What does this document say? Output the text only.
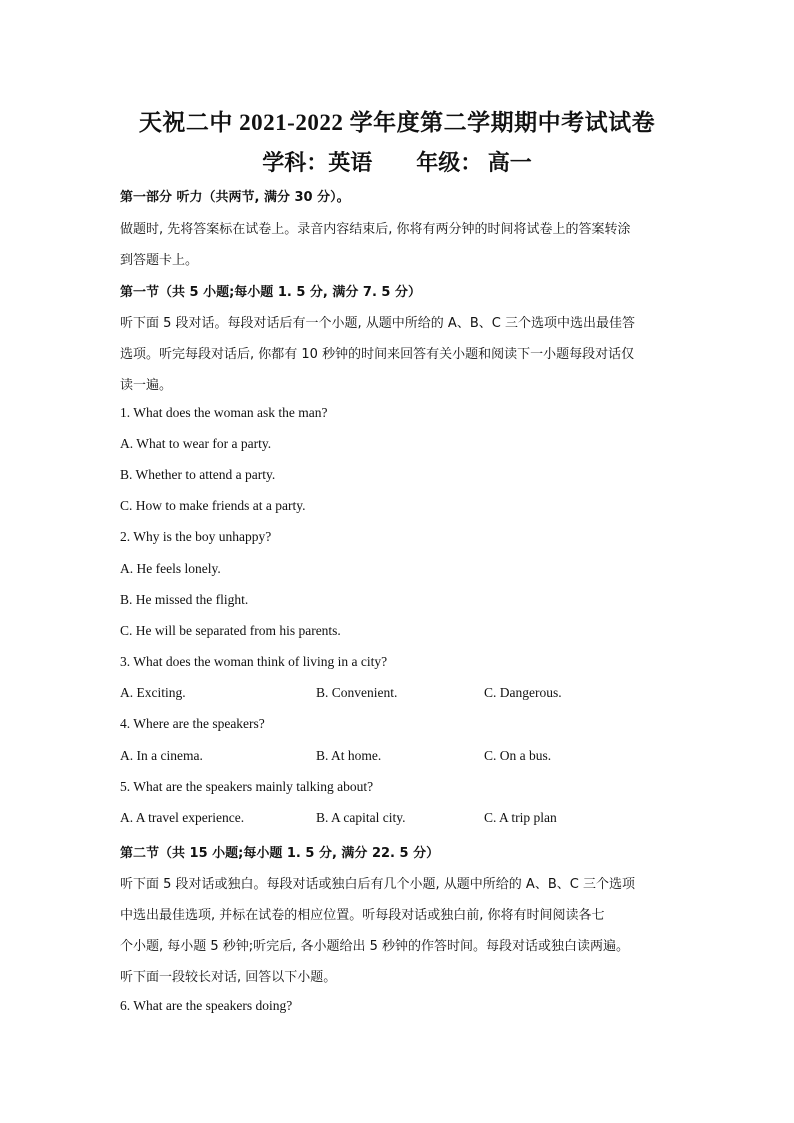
天祝二中 2021-2022 学年度第二学期期中考试试卷
学科：英语 年级： 高一
第一部分 听力（共两节, 满分 30 分）。
做题时, 先将答案标在试卷上。录音内容结束后, 你将有两分钟的时间将试卷上的答案转涂
到答题卡上。
第一节（共 5 小题;每小题 1. 5 分, 满分 7. 5 分）
听下面 5 段对话。每段对话后有一个小题, 从题中所给的 A、B、C 三个选项中选出最佳答
选项。听完每段对话后, 你都有 10 秒钟的时间来回答有关小题和阅读下一小题每段对话仅
读一遍。
1. What does the woman ask the man?
A. What to wear for a party.
B. Whether to attend a party.
C. How to make friends at a party.
2. Why is the boy unhappy?
A. He feels lonely.
B. He missed the flight.
C. He will be separated from his parents.
3. What does the woman think of living in a city?
A. Exciting.	B. Convenient.	C. Dangerous.
4. Where are the speakers?
A. In a cinema.	B. At home.	C. On a bus.
5. What are the speakers mainly talking about?
A. A travel experience.	B. A capital city.	C. A trip plan
第二节（共 15 小题;每小题 1. 5 分, 满分 22. 5 分）
听下面 5 段对话或独白。每段对话或独白后有几个小题, 从题中所给的 A、B、C 三个选项
中选出最佳选项, 并标在试卷的相应位置。听每段对话或独白前, 你将有时间阅读各七
个小题, 每小题 5 秒钟;听完后, 各小题给出 5 秒钟的作答时间。每段对话或独白读两遍。
听下面一段较长对话, 回答以下小题。
6. What are the speakers doing?
